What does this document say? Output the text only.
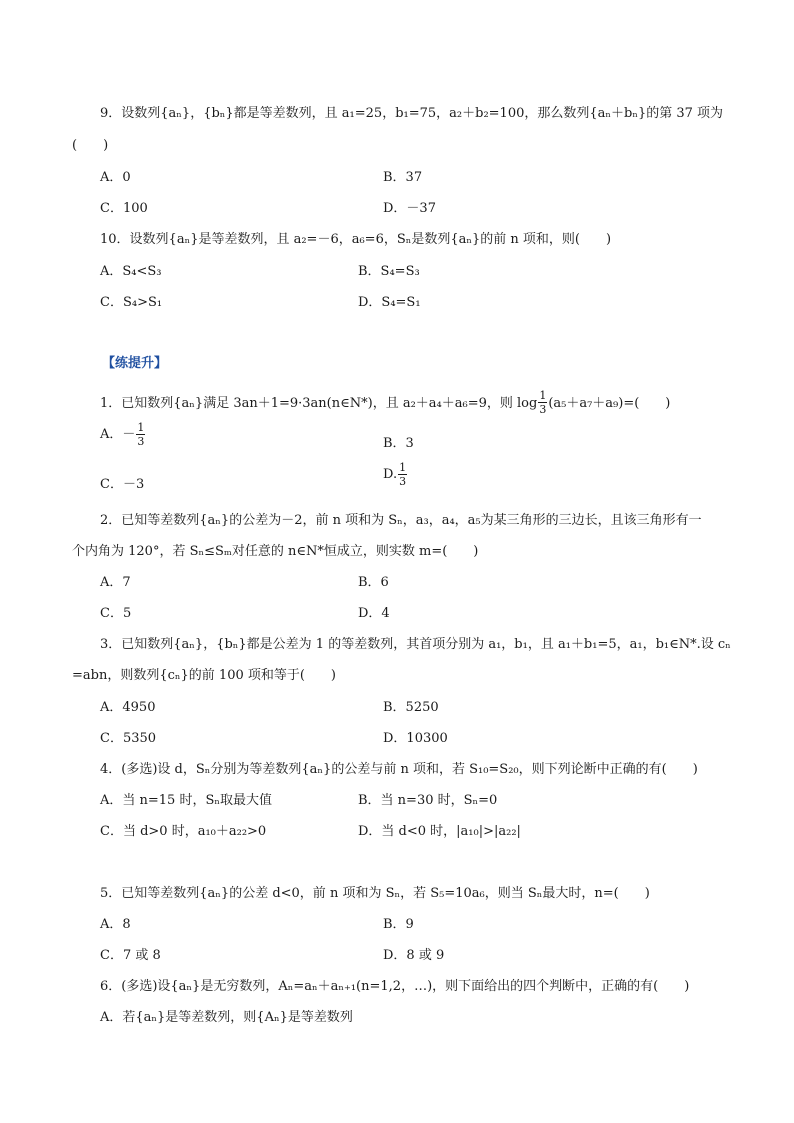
9．设数列{aₙ}，{bₙ}都是等差数列，且 a₁=25，b₁=75，a₂＋b₂=100，那么数列{aₙ＋bₙ}的第 37 项为
(　　)
A．0	B．37
C．100	D．－37
10．设数列{aₙ}是等差数列，且 a₂=－6，a₆=6，Sₙ是数列{aₙ}的前 n 项和，则(　　)
A．S₄<S₃	B．S₄=S₃
C．S₄>S₁	D．S₄=S₁
【练提升】
1．已知数列{aₙ}满足 3an＋1=9·3an(n∈N*)，且 a₂＋a₄＋a₆=9，则 $\log \frac{1}{3} (a_5+a_7+a_9)=$(　　)
A．－ $\frac{1}{3}$	B．3
C．－3
D. $\frac{1}{3}$
2．已知等差数列{aₙ}的公差为－2，前 n 项和为 Sₙ，a₃，a₄，a₅为某三角形的三边长，且该三角形有一
个内角为 120°，若 Sₙ≤Sₘ对任意的 n∈N*恒成立，则实数 m=(　　)
A．7	B．6
C．5	D．4
3．已知数列{aₙ}，{bₙ}都是公差为 1 的等差数列，其首项分别为 a₁，b₁，且 a₁＋b₁=5，a₁，b₁∈N*.设 cₙ
=abn，则数列{cₙ}的前 100 项和等于(　　)
A．4950	B．5250
C．5350	D．10300
4．(多选)设 d，Sₙ分别为等差数列{aₙ}的公差与前 n 项和，若 S₁₀=S₂₀，则下列论断中正确的有(　　)
A．当 n=15 时，Sₙ取最大值	B．当 n=30 时，Sₙ=0
C．当 d>0 时，a₁₀＋a₂₂>0	D．当 d<0 时，|a₁₀|>|a₂₂|
5．已知等差数列{aₙ}的公差 d<0，前 n 项和为 Sₙ，若 S₅=10a₆，则当 Sₙ最大时，n=(　　)
A．8	B．9
C．7 或 8	D．8 或 9
6．(多选)设{aₙ}是无穷数列，Aₙ=aₙ＋aₙ₊₁(n=1,2，…)，则下面给出的四个判断中，正确的有(　　)
A．若{aₙ}是等差数列，则{Aₙ}是等差数列
